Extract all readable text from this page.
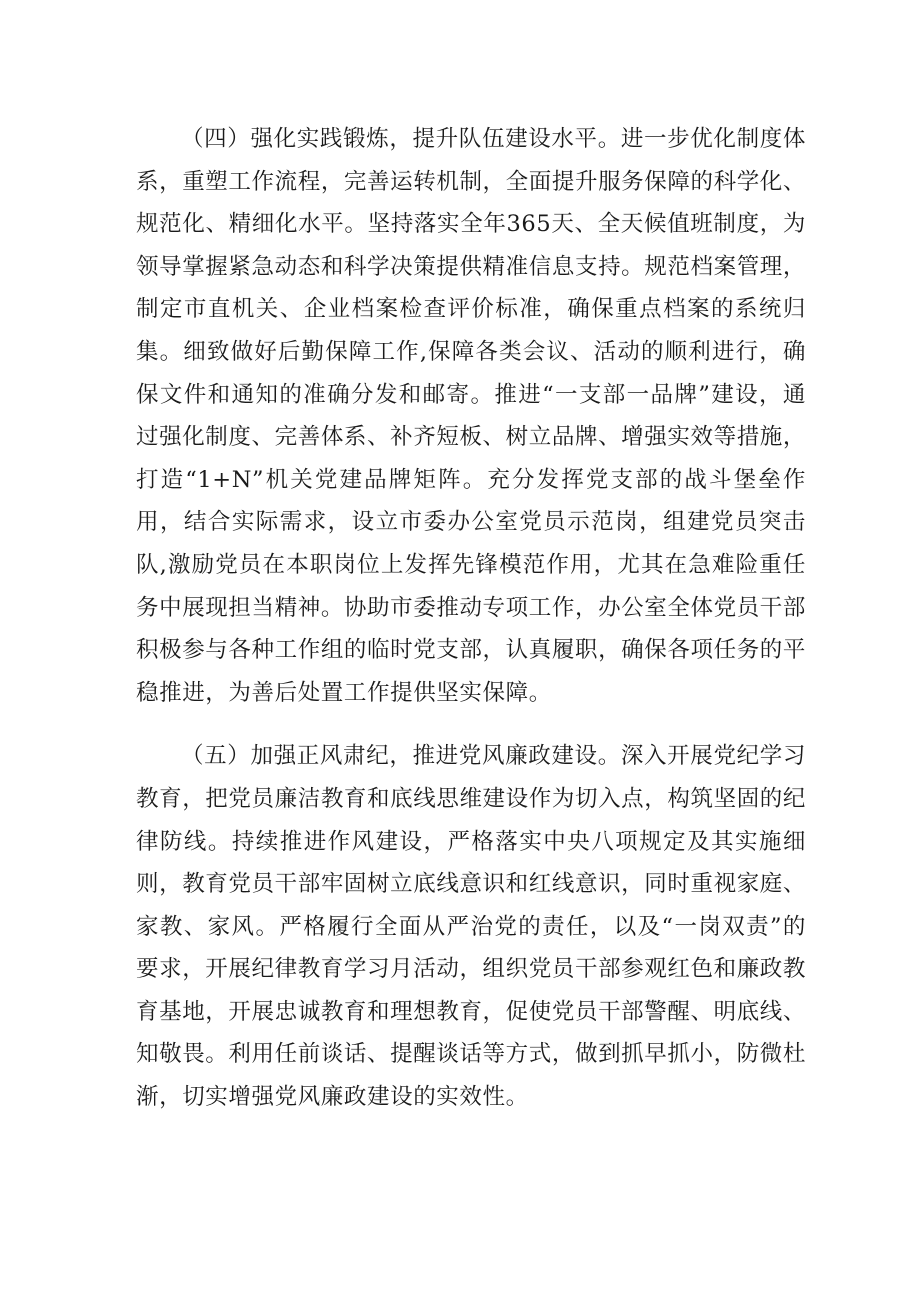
（四）强化实践锻炼，提升队伍建设水平。进一步优化制度体系，重塑工作流程，完善运转机制，全面提升服务保障的科学化、规范化、精细化水平。坚持落实全年365天、全天候值班制度，为领导掌握紧急动态和科学决策提供精准信息支持。规范档案管理，制定市直机关、企业档案检查评价标准，确保重点档案的系统归集。细致做好后勤保障工作,保障各类会议、活动的顺利进行，确保文件和通知的准确分发和邮寄。推进“一支部一品牌”建设，通过强化制度、完善体系、补齐短板、树立品牌、增强实效等措施，打造“1+N”机关党建品牌矩阵。充分发挥党支部的战斗堡垒作用，结合实际需求，设立市委办公室党员示范岗，组建党员突击队,激励党员在本职岗位上发挥先锋模范作用，尤其在急难险重任务中展现担当精神。协助市委推动专项工作，办公室全体党员干部积极参与各种工作组的临时党支部，认真履职，确保各项任务的平稳推进，为善后处置工作提供坚实保障。

（五）加强正风肃纪，推进党风廉政建设。深入开展党纪学习教育，把党员廉洁教育和底线思维建设作为切入点，构筑坚固的纪律防线。持续推进作风建设，严格落实中央八项规定及其实施细则，教育党员干部牢固树立底线意识和红线意识，同时重视家庭、家教、家风。严格履行全面从严治党的责任，以及“一岗双责”的要求，开展纪律教育学习月活动，组织党员干部参观红色和廉政教育基地，开展忠诚教育和理想教育，促使党员干部警醒、明底线、知敬畏。利用任前谈话、提醒谈话等方式，做到抓早抓小，防微杜渐，切实增强党风廉政建设的实效性。
